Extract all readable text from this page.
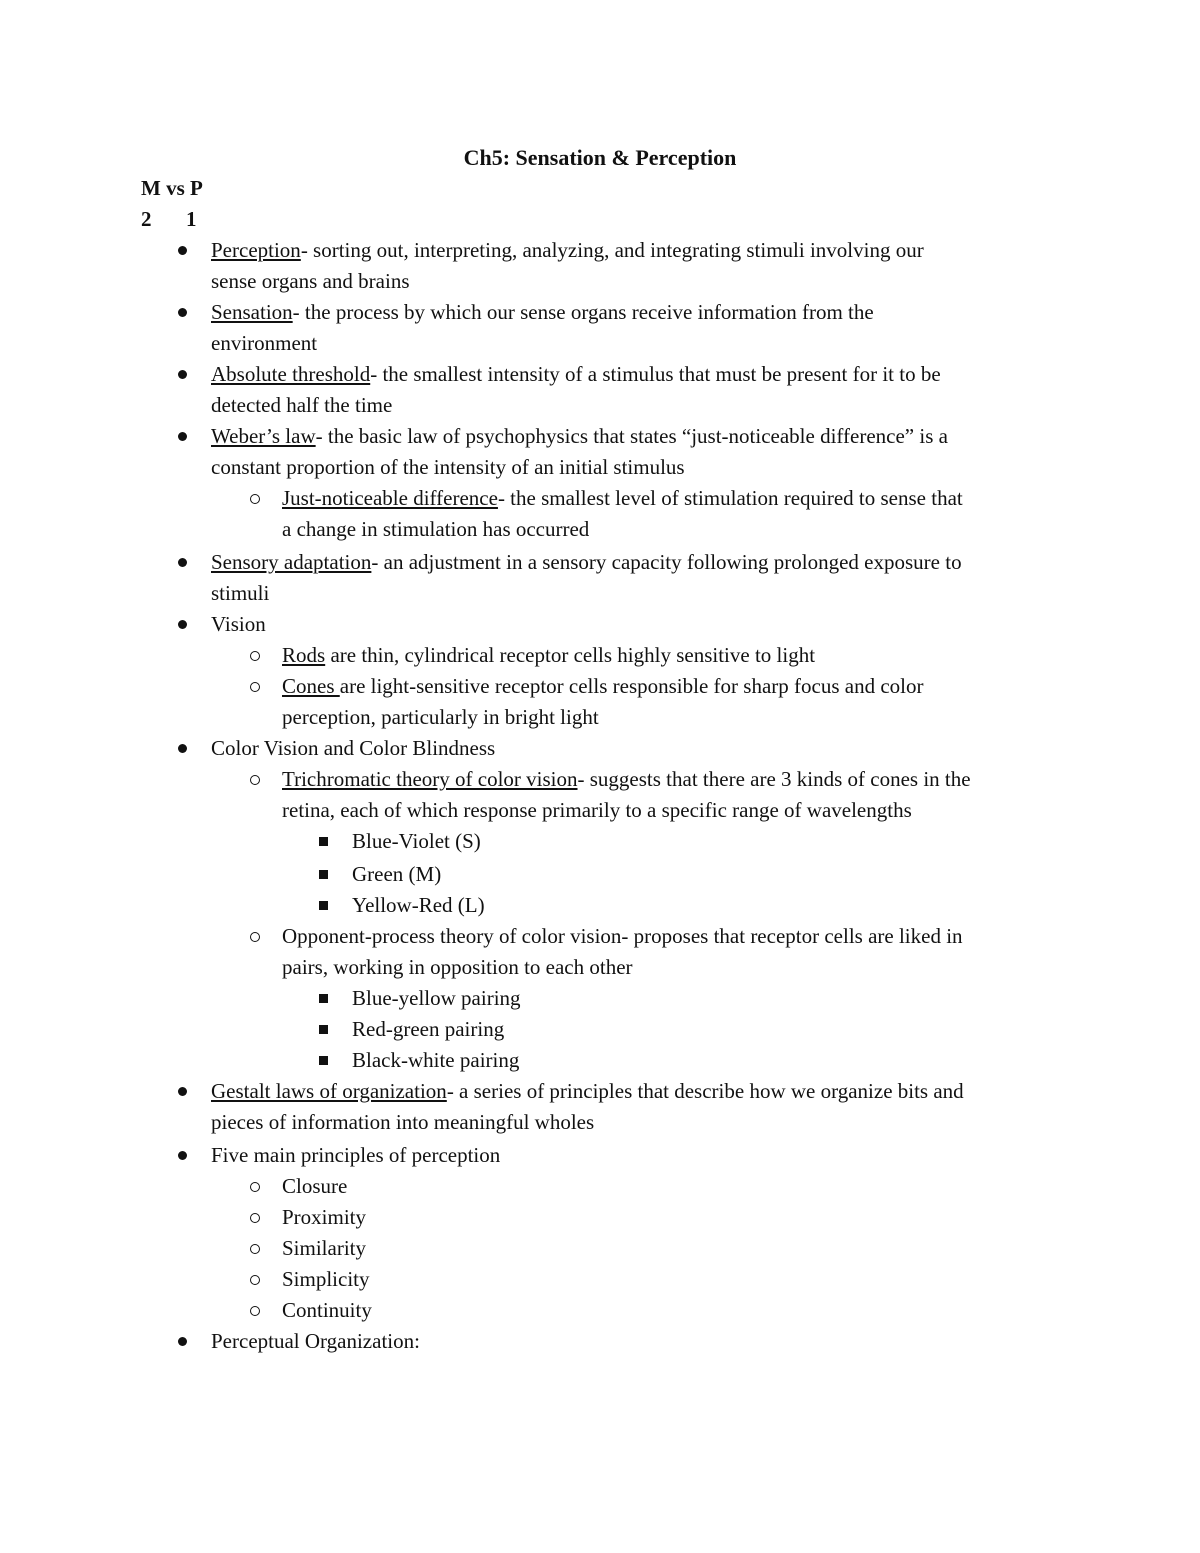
Ch5: Sensation & Perception
M vs P
2 1
Perception- sorting out, interpreting, analyzing, and integrating stimuli involving our
sense organs and brains
Sensation- the process by which our sense organs receive information from the
environment
Absolute threshold- the smallest intensity of a stimulus that must be present for it to be
detected half the time
Weber’s law- the basic law of psychophysics that states “just-noticeable difference” is a
constant proportion of the intensity of an initial stimulus
Just-noticeable difference- the smallest level of stimulation required to sense that
a change in stimulation has occurred
Sensory adaptation- an adjustment in a sensory capacity following prolonged exposure to
stimuli
Vision
Rods are thin, cylindrical receptor cells highly sensitive to light
Cones are light-sensitive receptor cells responsible for sharp focus and color
perception, particularly in bright light
Color Vision and Color Blindness
Trichromatic theory of color vision- suggests that there are 3 kinds of cones in the
retina, each of which response primarily to a specific range of wavelengths
Blue-Violet (S)
Green (M)
Yellow-Red (L)
Opponent-process theory of color vision- proposes that receptor cells are liked in
pairs, working in opposition to each other
Blue-yellow pairing
Red-green pairing
Black-white pairing
Gestalt laws of organization- a series of principles that describe how we organize bits and
pieces of information into meaningful wholes
Five main principles of perception
Closure
Proximity
Similarity
Simplicity
Continuity
Perceptual Organization:
